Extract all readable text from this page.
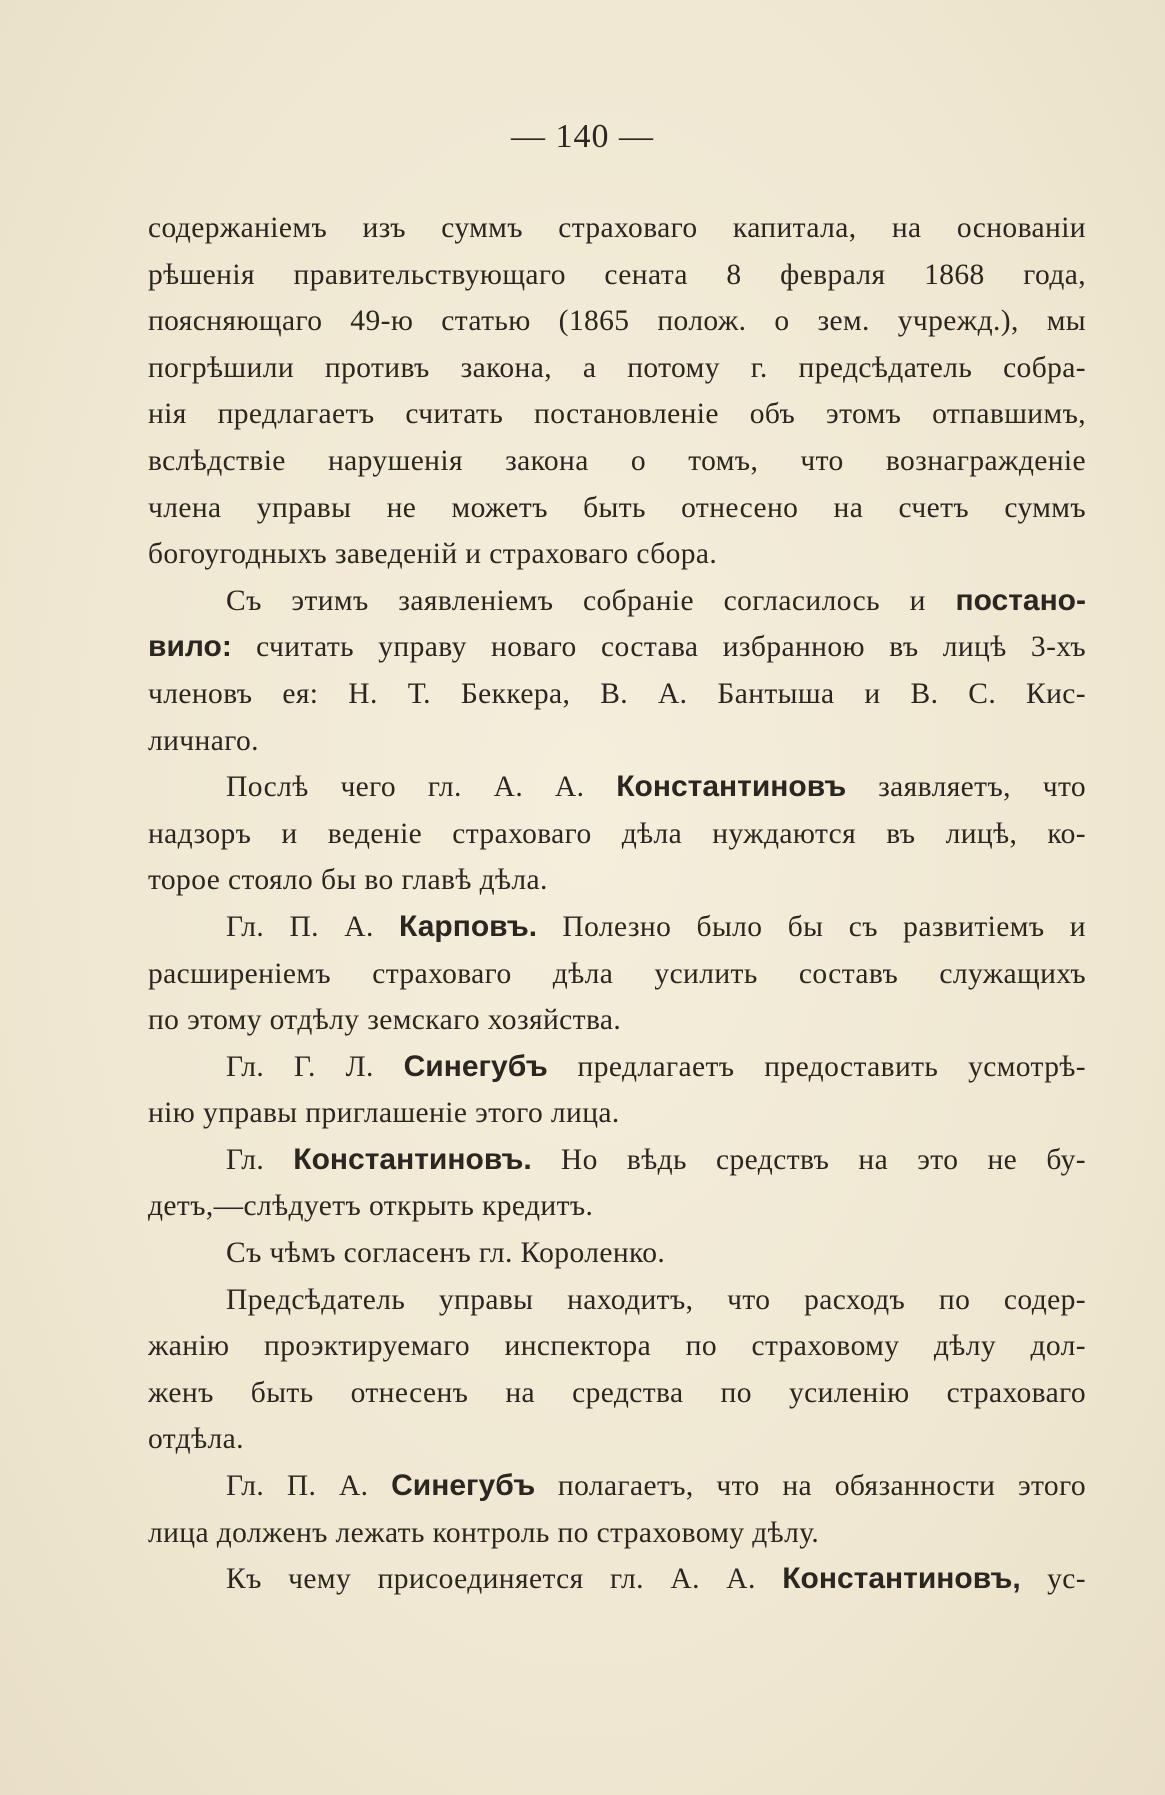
— 140 —
содержаніемъ изъ суммъ страховаго капитала, на основаніи
рѣшенія правительствующаго сената 8 февраля 1868 года,
поясняющаго 49-ю статью (1865 полож. о зем. учрежд.), мы
погрѣшили противъ закона, а потому г. предсѣдатель собра-
нія предлагаетъ считать постановленіе объ этомъ отпавшимъ,
вслѣдствіе нарушенія закона о томъ, что вознагражденіе
члена управы не можетъ быть отнесено на счетъ суммъ
богоугодныхъ заведеній и страховаго сбора.
Съ этимъ заявленіемъ собраніе согласилось и постано-
вило: считать управу новаго состава избранною въ лицѣ 3-хъ
членовъ ея: Н. Т. Беккера, В. А. Бантыша и В. С. Кис-
личнаго.
Послѣ чего гл. А. А. Константиновъ заявляетъ, что
надзоръ и веденіе страховаго дѣла нуждаются въ лицѣ, ко-
торое стояло бы во главѣ дѣла.
Гл. П. А. Карповъ. Полезно было бы съ развитіемъ и
расширеніемъ страховаго дѣла усилить составъ служащихъ
по этому отдѣлу земскаго хозяйства.
Гл. Г. Л. Синегубъ предлагаетъ предоставить усмотрѣ-
нію управы приглашеніе этого лица.
Гл. Константиновъ. Но вѣдь средствъ на это не бу-
детъ,—слѣдуетъ открыть кредитъ.
Съ чѣмъ согласенъ гл. Короленко.
Предсѣдатель управы находитъ, что расходъ по содер-
жанію проэктируемаго инспектора по страховому дѣлу дол-
женъ быть отнесенъ на средства по усиленію страховаго
отдѣла.
Гл. П. А. Синегубъ полагаетъ, что на обязанности этого
лица долженъ лежать контроль по страховому дѣлу.
Къ чему присоединяется гл. А. А. Константиновъ, ус-
